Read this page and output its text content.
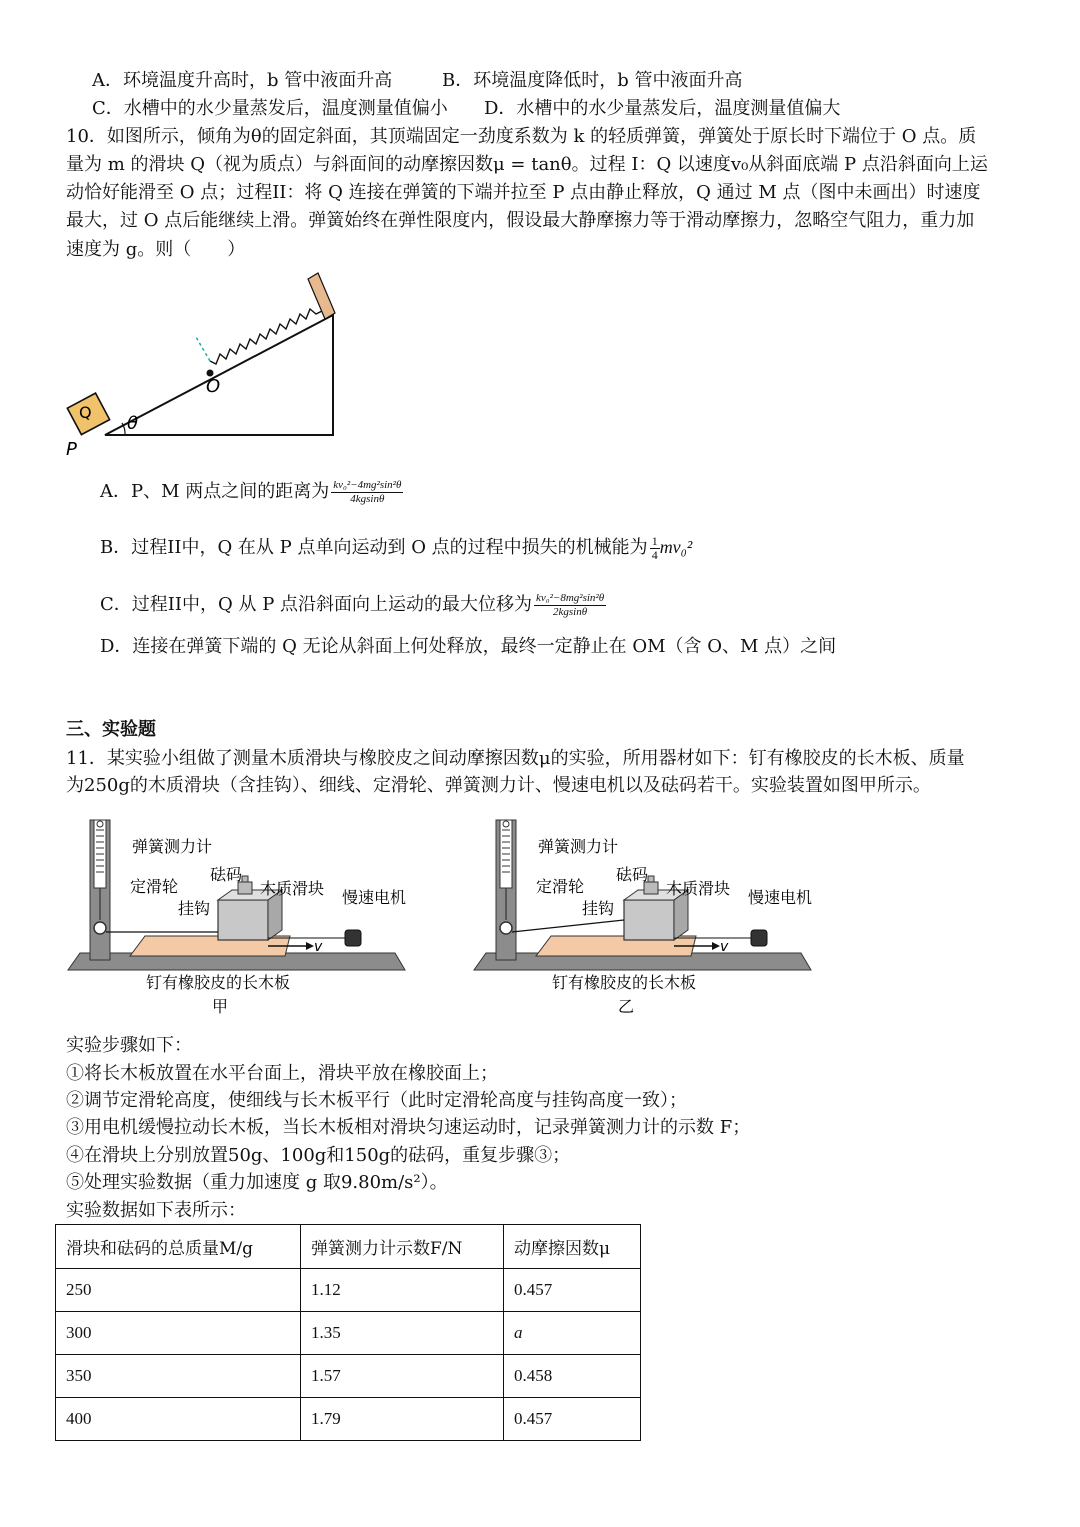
A．环境温度升高时，b 管中液面升高	B．环境温度降低时，b 管中液面升高
C．水槽中的水少量蒸发后，温度测量值偏小 D．水槽中的水少量蒸发后，温度测量值偏大
10．如图所示，倾角为θ的固定斜面，其顶端固定一劲度系数为 k 的轻质弹簧，弹簧处于原长时下端位于 O 点。质
量为 m 的滑块 Q（视为质点）与斜面间的动摩擦因数μ = tanθ。过程 I：Q 以速度v₀从斜面底端 P 点沿斜面向上运
动恰好能滑至 O 点；过程II：将 Q 连接在弹簧的下端并拉至 P 点由静止释放，Q 通过 M 点（图中未画出）时速度
最大，过 O 点后能继续上滑。弹簧始终在弹性限度内，假设最大静摩擦力等于滑动摩擦力，忽略空气阻力，重力加
速度为 g。则（　　）
O
Q
θ
P
A．P、M 两点之间的距离为 $\frac{\text{kv₀²−4mg²sin²θ}}{4kgsin\theta}$
B．过程II中，Q 在从 P 点单向运动到 O 点的过程中损失的机械能为 $\frac{1}{4} mv_0^2$
C．过程II中，Q 从 P 点沿斜面向上运动的最大位移为 $\frac{\text{kv₀²−8mg²sin²θ}}{2kgsin\theta}$
D．连接在弹簧下端的 Q 无论从斜面上何处释放，最终一定静止在 OM（含 O、M 点）之间
三、实验题
11．某实验小组做了测量木质滑块与橡胶皮之间动摩擦因数μ的实验，所用器材如下：钉有橡胶皮的长木板、质量
为250g的木质滑块（含挂钩）、细线、定滑轮、弹簧测力计、慢速电机以及砝码若干。实验装置如图甲所示。
弹簧测力计
砝码
定滑轮	木质滑块 慢速电机
挂钩
v
钉有橡胶皮的长木板
甲
弹簧测力计
砝码
定滑轮	木质滑块 慢速电机
挂钩
v
钉有橡胶皮的长木板
乙
实验步骤如下：
①将长木板放置在水平台面上，滑块平放在橡胶面上；
②调节定滑轮高度，使细线与长木板平行（此时定滑轮高度与挂钩高度一致）；
③用电机缓慢拉动长木板，当长木板相对滑块匀速运动时，记录弹簧测力计的示数 F；
④在滑块上分别放置50g、100g和150g的砝码，重复步骤③；
⑤处理实验数据（重力加速度 g 取9.80m/s²）。
实验数据如下表所示：
滑块和砝码的总质量M/g	弹簧测力计示数F/N	动摩擦因数μ
250	1.12	0.457
300	1.35	a
350	1.57	0.458
400	1.79	0.457
